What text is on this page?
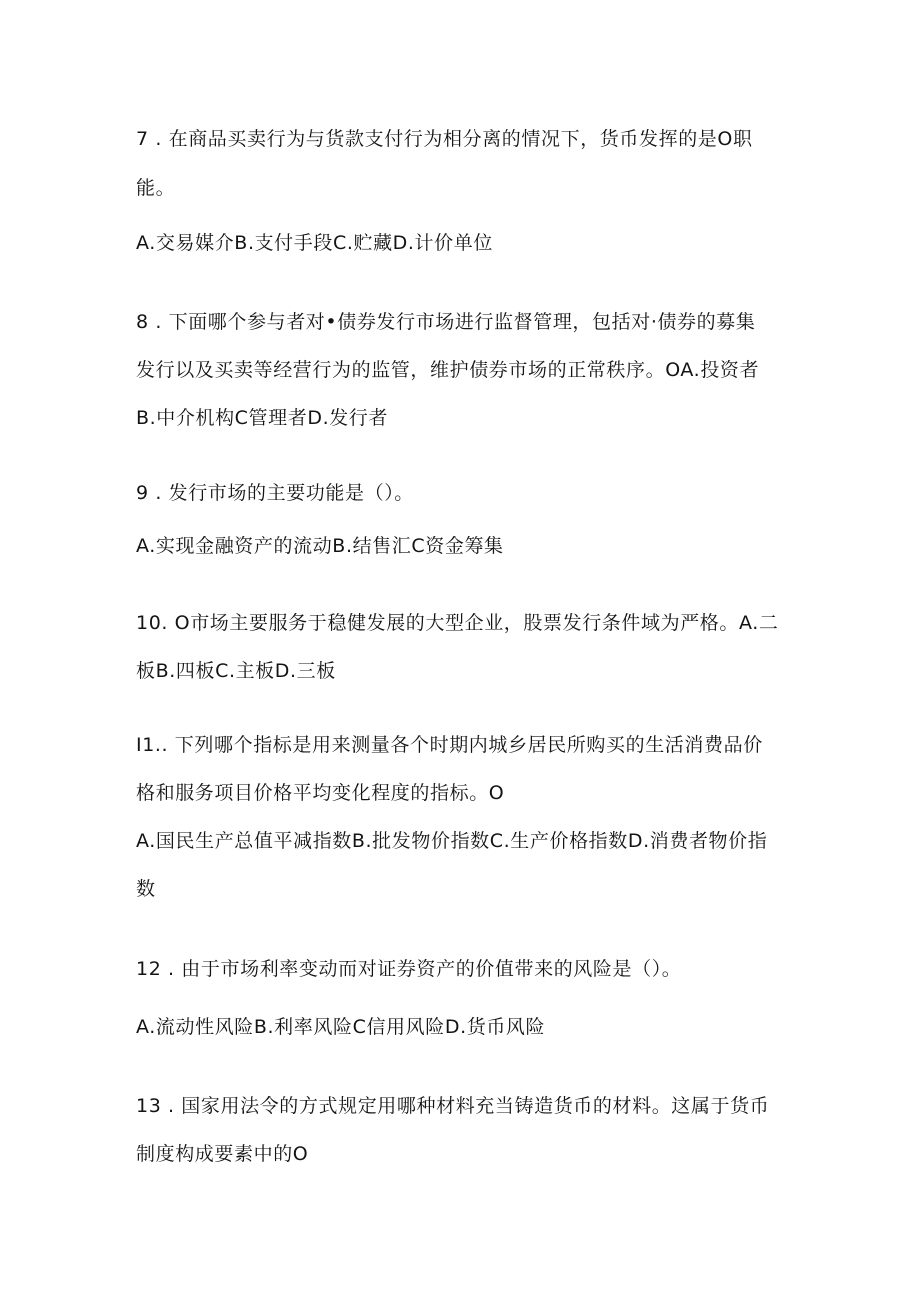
7 . 在商品买卖行为与货款支付行为相分离的情况下，货币发挥的是O职
能。
A.交易媒介B.支付手段C.贮藏D.计价单位
8 . 下面哪个参与者对•债券发行市场进行监督管理，包括对·债券的募集
发行以及买卖等经营行为的监管，维护债券市场的正常秩序。OA.投资者
B.中介机构C管理者D.发行者
9 . 发行市场的主要功能是（）。
A.实现金融资产的流动B.结售汇C资金筹集
10. O市场主要服务于稳健发展的大型企业，股票发行条件域为严格。A.二
板B.四板C.主板D.三板
I1.. 下列哪个指标是用来测量各个时期内城乡居民所购买的生活消费品价
格和服务项目价格平均变化程度的指标。O
A.国民生产总值平减指数B.批发物价指数C.生产价格指数D.消费者物价指
数
12 . 由于市场利率变动而对证券资产的价值带来的风险是（）。
A.流动性风险B.利率风险C信用风险D.货币风险
13 . 国家用法令的方式规定用哪种材料充当铸造货币的材料。这属于货币
制度构成要素中的O
